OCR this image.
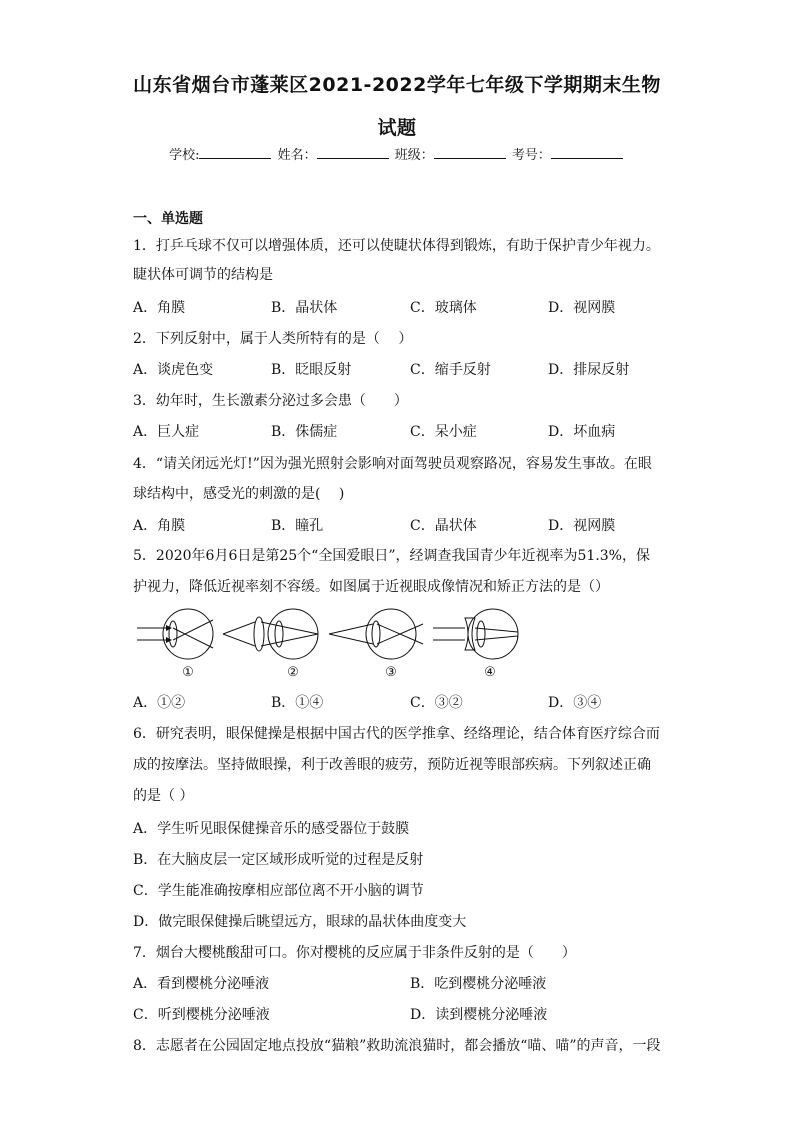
山东省烟台市蓬莱区2021-2022学年七年级下学期期末生物
试题
学校:	姓名：	班级：	考号：
一、单选题
1．打乒乓球不仅可以增强体质，还可以使睫状体得到锻炼，有助于保护青少年视力。
睫状体可调节的结构是
A．角膜	B．晶状体	C．玻璃体	D．视网膜
2．下列反射中，属于人类所特有的是（　 ）
A．谈虎色变	B．眨眼反射	C．缩手反射	D．排尿反射
3．幼年时，生长激素分泌过多会患（　　）
A．巨人症	B．侏儒症	C．呆小症	D．坏血病
4．“请关闭远光灯!”因为强光照射会影响对面驾驶员观察路况，容易发生事故。在眼
球结构中，感受光的刺激的是(　 )
A．角膜	B．瞳孔	C．晶状体	D．视网膜
5．2020年6月6日是第25个“全国爱眼日”，经调查我国青少年近视率为51.3%，保
护视力，降低近视率刻不容缓。如图属于近视眼成像情况和矫正方法的是（）
①	②	③	④
A．①②	B．①④	C．③②	D．③④
6．研究表明，眼保健操是根据中国古代的医学推拿、经络理论，结合体育医疗综合而
成的按摩法。坚持做眼操，利于改善眼的疲劳，预防近视等眼部疾病。下列叙述正确
的是（ ）
A．学生听见眼保健操音乐的感受器位于鼓膜
B．在大脑皮层一定区域形成听觉的过程是反射
C．学生能准确按摩相应部位离不开小脑的调节
D．做完眼保健操后眺望远方，眼球的晶状体曲度变大
7．烟台大樱桃酸甜可口。你对樱桃的反应属于非条件反射的是（　　）
A．看到樱桃分泌唾液	B．吃到樱桃分泌唾液
C．听到樱桃分泌唾液	D．读到樱桃分泌唾液
8．志愿者在公园固定地点投放“猫粮”救助流浪猫时，都会播放“喵、喵”的声音，一段
